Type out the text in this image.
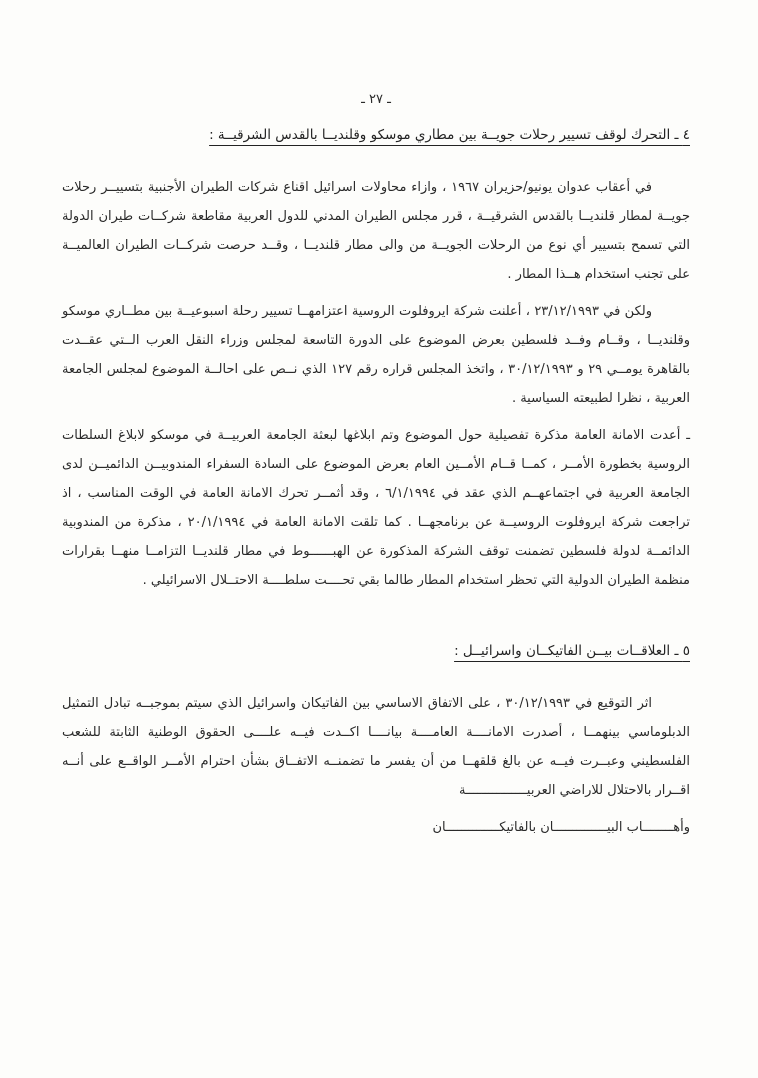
ـ ٢٧ ـ
٤ ـ التحرك لوقف تسيير رحلات جويــة بين مطاري موسكو وقلنديــا بالقدس الشرقيــة :

في أعقاب عدوان يونيو/حزيران ١٩٦٧ ، وازاء محاولات اسرائيل اقناع شركات الطيران الأجنبية بتسييــر رحلات جويــة لمطار قلنديــا بالقدس الشرقيــة ، قرر مجلس الطيران المدني للدول العربية مقاطعة شركــات طيران الدولة التي تسمح بتسيير أي نوع من الرحلات الجويــة من والى مطار قلنديــا ، وقــد حرصت شركــات الطيران العالميــة على تجنب استخدام هــذا المطار .

ولكن في ٢٣/١٢/١٩٩٣ ، أعلنت شركة ايروفلوت الروسية اعتزامهــا تسيير رحلة اسبوعيــة بين مطــاري موسكو وقلنديــا ، وقــام وفــد فلسطين بعرض الموضوع على الدورة التاسعة لمجلس وزراء النقل العرب الــتي عقــدت بالقاهرة يومــي ٢٩ و ٣٠/١٢/١٩٩٣ ، واتخذ المجلس قراره رقم ١٢٧ الذي نــص على احالــة الموضوع لمجلس الجامعة العربية ، نظرا لطبيعته السياسية .

ـ أعدت الامانة العامة مذكرة تفصيلية حول الموضوع وتم ابلاغها لبعثة الجامعة العربيــة في موسكو لابلاغ السلطات الروسية بخطورة الأمــر ، كمــا قــام الأمــين العام بعرض الموضوع على السادة السفراء المندوبيــن الدائميــن لدى الجامعة العربية في اجتماعهــم الذي عقد في ٦/١/١٩٩٤ ، وقد أثمــر تحرك الامانة العامة في الوقت المناسب ، اذ تراجعت شركة ايروفلوت الروسيــة عن برنامجهــا . كما تلقت الامانة العامة في ٢٠/١/١٩٩٤ ، مذكرة من المندوبية الدائمــة لدولة فلسطين تضمنت توقف الشركة المذكورة عن الهبــــــوط في مطار قلنديــا التزامــا منهــا بقرارات منظمة الطيران الدولية التي تحظر استخدام المطار طالما بقي تحــــت سلطــــة الاحتــلال الاسرائيلي .

٥ ـ العلاقــات بيــن الفاتيكــان واسرائيــل :

اثر التوقيع في ٣٠/١٢/١٩٩٣ ، على الاتفاق الاساسي بين الفاتيكان واسرائيل الذي سيتم بموجبــه تبادل التمثيل الدبلوماسي بينهمــا ، أصدرت الامانــــة العامــــة بيانــــا اكــدت فيــه علــــى الحقوق الوطنية الثابتة للشعب الفلسطيني وعبــرت فيــه عن بالغ قلقهــا من أن يفسر ما تضمنــه الاتفــاق بشأن احترام الأمــر الواقــع على أنــه اقــرار بالاحتلال للاراضي العربيــــــــــــــــة

وأهــــــــاب البيــــــــــــــان بالفاتيكــــــــــــــان
